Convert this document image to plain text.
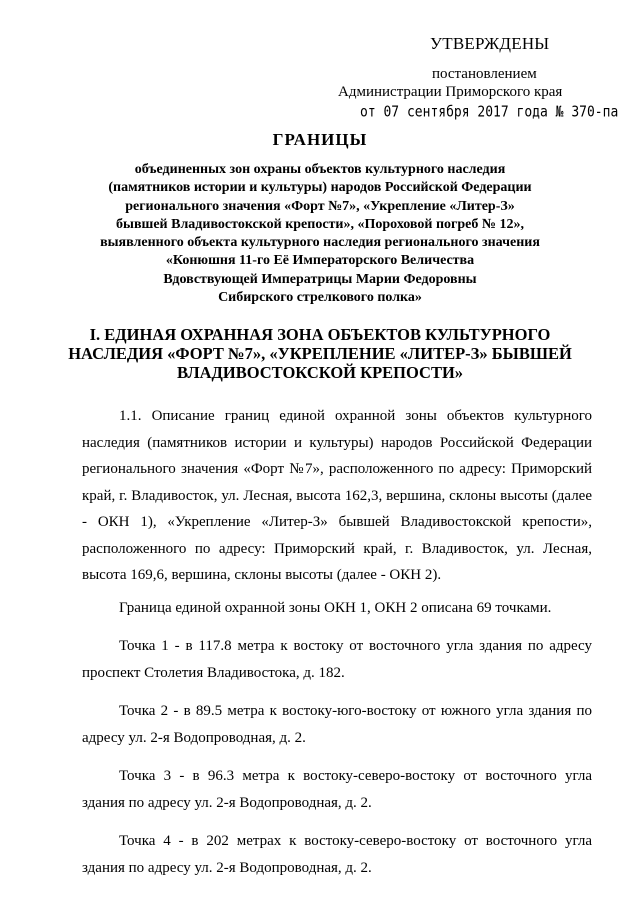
УТВЕРЖДЕНЫ
постановлением
Администрации Приморского края
от 07 сентября 2017 года № 370-па
ГРАНИЦЫ
объединенных зон охраны объектов культурного наследия
(памятников истории и культуры) народов Российской Федерации
регионального значения «Форт №7», «Укрепление «Литер-З»
бывшей Владивостокской крепости», «Пороховой погреб № 12»,
выявленного объекта культурного наследия регионального значения
«Конюшня 11-го Её Императорского Величества
Вдовствующей Императрицы Марии Федоровны
Сибирского стрелкового полка»
I. ЕДИНАЯ ОХРАННАЯ ЗОНА ОБЪЕКТОВ КУЛЬТУРНОГО
НАСЛЕДИЯ «ФОРТ №7», «УКРЕПЛЕНИЕ «ЛИТЕР-З» БЫВШЕЙ
ВЛАДИВОСТОКСКОЙ КРЕПОСТИ»

1.1. Описание границ единой охранной зоны объектов культурного наследия (памятников истории и культуры) народов Российской Федерации регионального значения «Форт №7», расположенного по адресу: Приморский край, г. Владивосток, ул. Лесная, высота 162,3, вершина, склоны высоты (далее - ОКН 1), «Укрепление «Литер-З» бывшей Владивостокской крепости», расположенного по адресу: Приморский край, г. Владивосток, ул. Лесная, высота 169,6, вершина, склоны высоты (далее - ОКН 2).

Граница единой охранной зоны ОКН 1, ОКН 2 описана 69 точками.

Точка 1 - в 117.8 метра к востоку от восточного угла здания по адресу проспект Столетия Владивостока, д. 182.

Точка 2 - в 89.5 метра к востоку-юго-востоку от южного угла здания по адресу ул. 2-я Водопроводная, д. 2.

Точка 3 - в 96.3 метра к востоку-северо-востоку от восточного угла здания по адресу ул. 2-я Водопроводная, д. 2.

Точка 4 - в 202 метрах к востоку-северо-востоку от восточного угла здания по адресу ул. 2-я Водопроводная, д. 2.
